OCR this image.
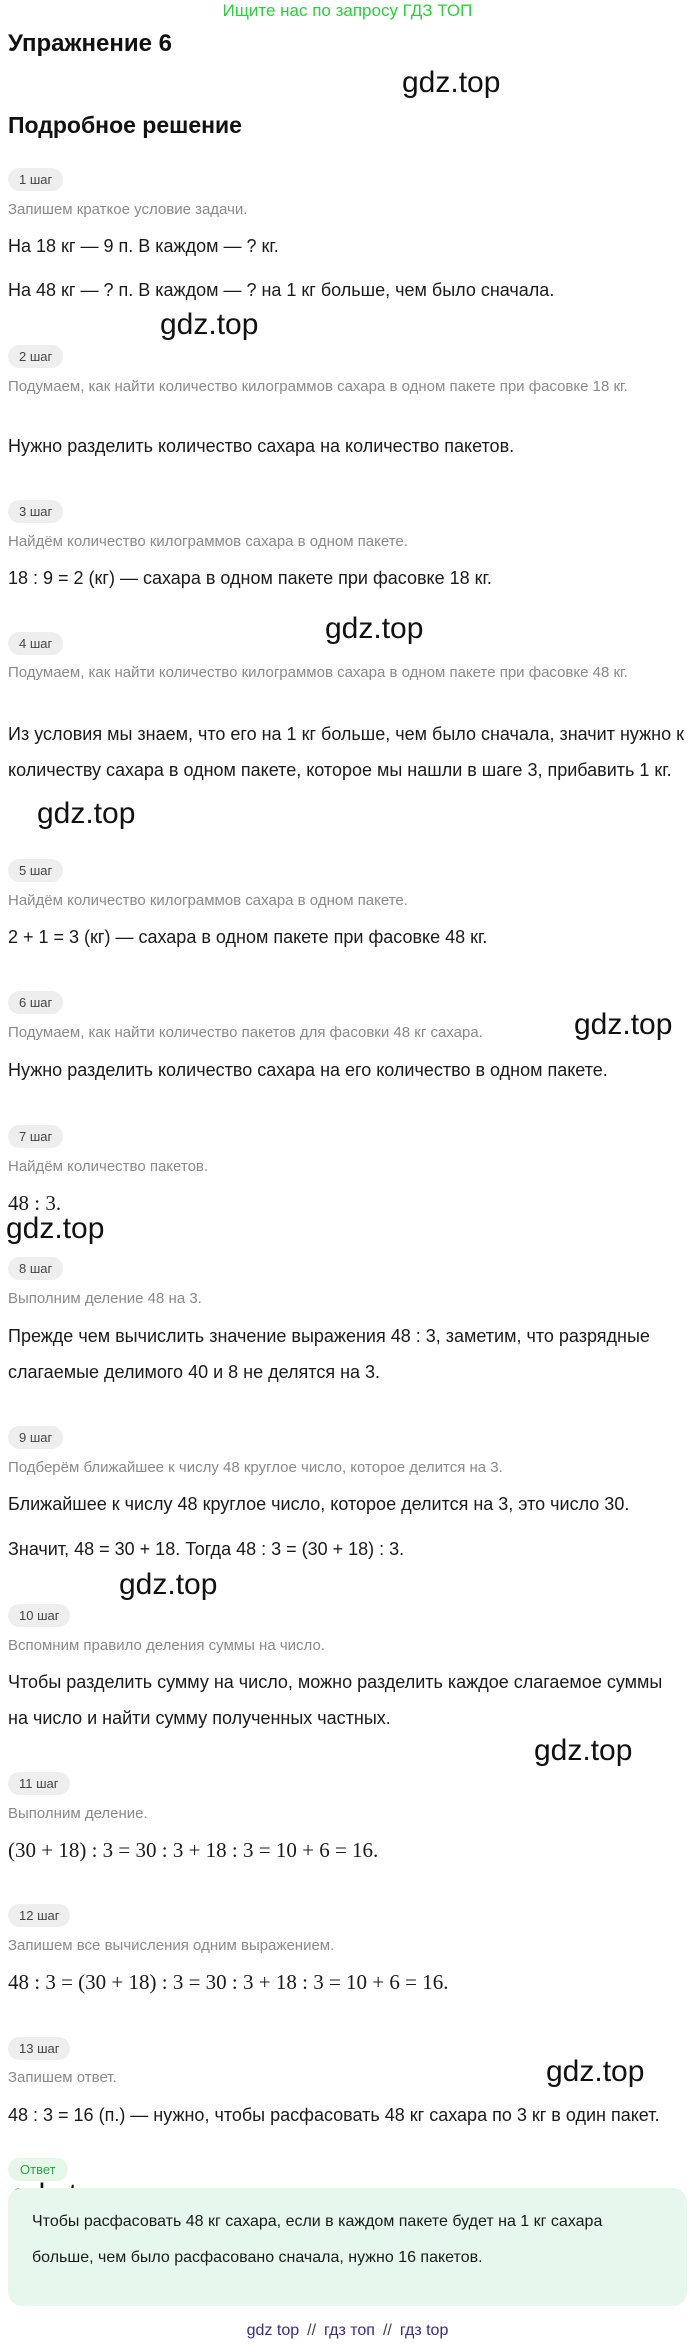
Ищите нас по запросу ГДЗ ТОП
Упражнение 6
Подробное решение
gdz.top
gdz.top
gdz.top
gdz.top
gdz.top
gdz.top
gdz.top
gdz.top
gdz.top
1 шаг
Запишем краткое условие задачи.
На 18 кг — 9 п. В каждом — ? кг.
На 48 кг — ? п. В каждом — ? на 1 кг больше, чем было сначала.
2 шаг
Подумаем, как найти количество килограммов сахара в одном пакете при фасовке 18 кг.
Нужно разделить количество сахара на количество пакетов.
3 шаг
Найдём количество килограммов сахара в одном пакете.
18 : 9 = 2 (кг) — сахара в одном пакете при фасовке 18 кг.
4 шаг
Подумаем, как найти количество килограммов сахара в одном пакете при фасовке 48 кг.
Из условия мы знаем, что его на 1 кг больше, чем было сначала, значит нужно к количеству сахара в одном пакете, которое мы нашли в шаге 3, прибавить 1 кг.
5 шаг
Найдём количество килограммов сахара в одном пакете.
2 + 1 = 3 (кг) — сахара в одном пакете при фасовке 48 кг.
6 шаг
Подумаем, как найти количество пакетов для фасовки 48 кг сахара.
Нужно разделить количество сахара на его количество в одном пакете.
7 шаг
Найдём количество пакетов.
48 : 3.
8 шаг
Выполним деление 48 на 3.
Прежде чем вычислить значение выражения 48 : 3, заметим, что разрядные слагаемые делимого 40 и 8 не делятся на 3.
9 шаг
Подберём ближайшее к числу 48 круглое число, которое делится на 3.
Ближайшее к числу 48 круглое число, которое делится на 3, это число 30.
Значит, 48 = 30 + 18. Тогда 48 : 3 = (30 + 18) : 3.
10 шаг
Вспомним правило деления суммы на число.
Чтобы разделить сумму на число, можно разделить каждое слагаемое суммы на число и найти сумму полученных частных.
11 шаг
Выполним деление.
(30 + 18) : 3 = 30 : 3 + 18 : 3 = 10 + 6 = 16.
12 шаг
Запишем все вычисления одним выражением.
48 : 3 = (30 + 18) : 3 = 30 : 3 + 18 : 3 = 10 + 6 = 16.
13 шаг
Запишем ответ.
48 : 3 = 16 (п.) — нужно, чтобы расфасовать 48 кг сахара по 3 кг в один пакет.
Ответ
Чтобы расфасовать 48 кг сахара, если в каждом пакете будет на 1 кг сахара больше, чем было расфасовано сначала, нужно 16 пакетов.
gdz top // гдз топ // гдз top
